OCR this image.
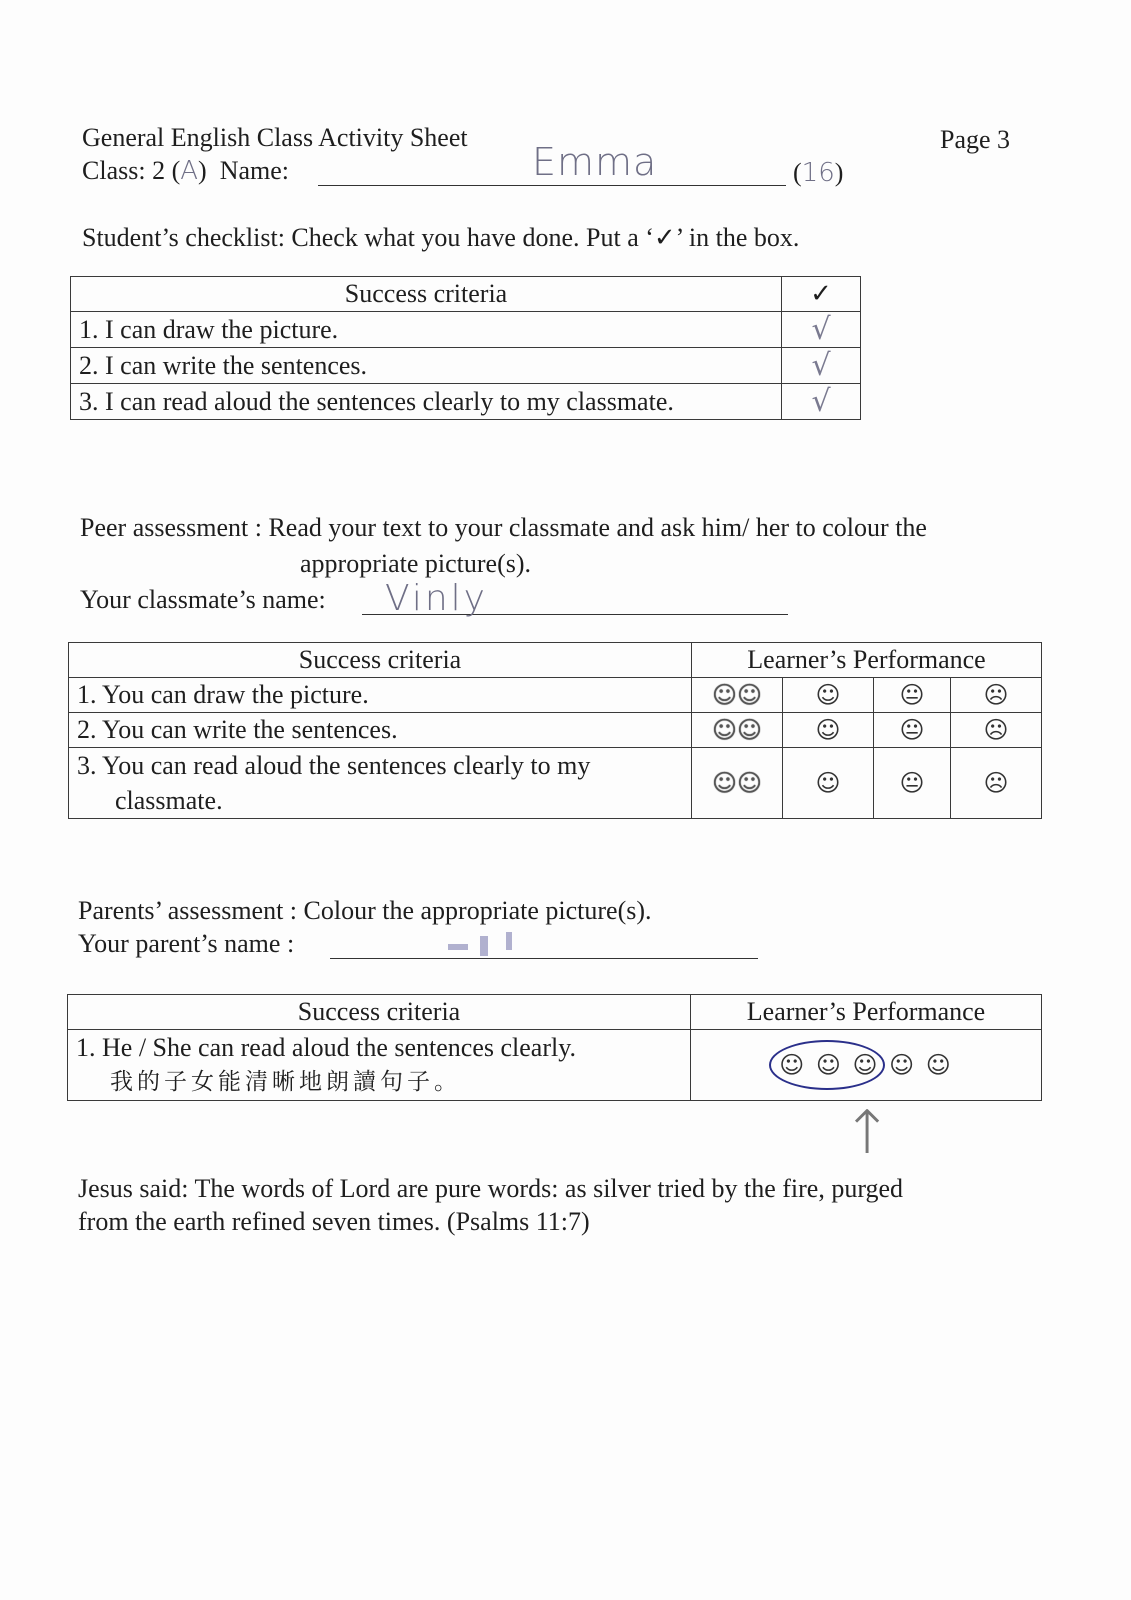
General English Class Activity Sheet	Page 3
Class: 2 (A) Name:	Emma	(16)
Student’s checklist: Check what you have done. Put a ‘✓’ in the box.
Success criteria	✓
1. I can draw the picture.	√
2. I can write the sentences.	√
3. I can read aloud the sentences clearly to my classmate.	√
Peer assessment : Read your text to your classmate and ask him/ her to colour the
appropriate picture(s).
Your classmate’s name: Vinly
Success criteria	Learner’s Performance			
1. You can draw the picture.	☺☺	☺	😐	☹
2. You can write the sentences.	☺☺	☺	😐	☹

3. You can read aloud the sentences clearly to my
classmate.	☺☺	☺	😐	☹
Parents’ assessment : Colour the appropriate picture(s).
Your parent’s name :
Success criteria	Learner’s Performance

1. He / She can read aloud the sentences clearly.
我的子女能清晰地朗讀句子。	☺ ☺ ☺ ☺ ☺
↑
Jesus said: The words of Lord are pure words: as silver tried by the fire, purged
from the earth refined seven times. (Psalms 11:7)
